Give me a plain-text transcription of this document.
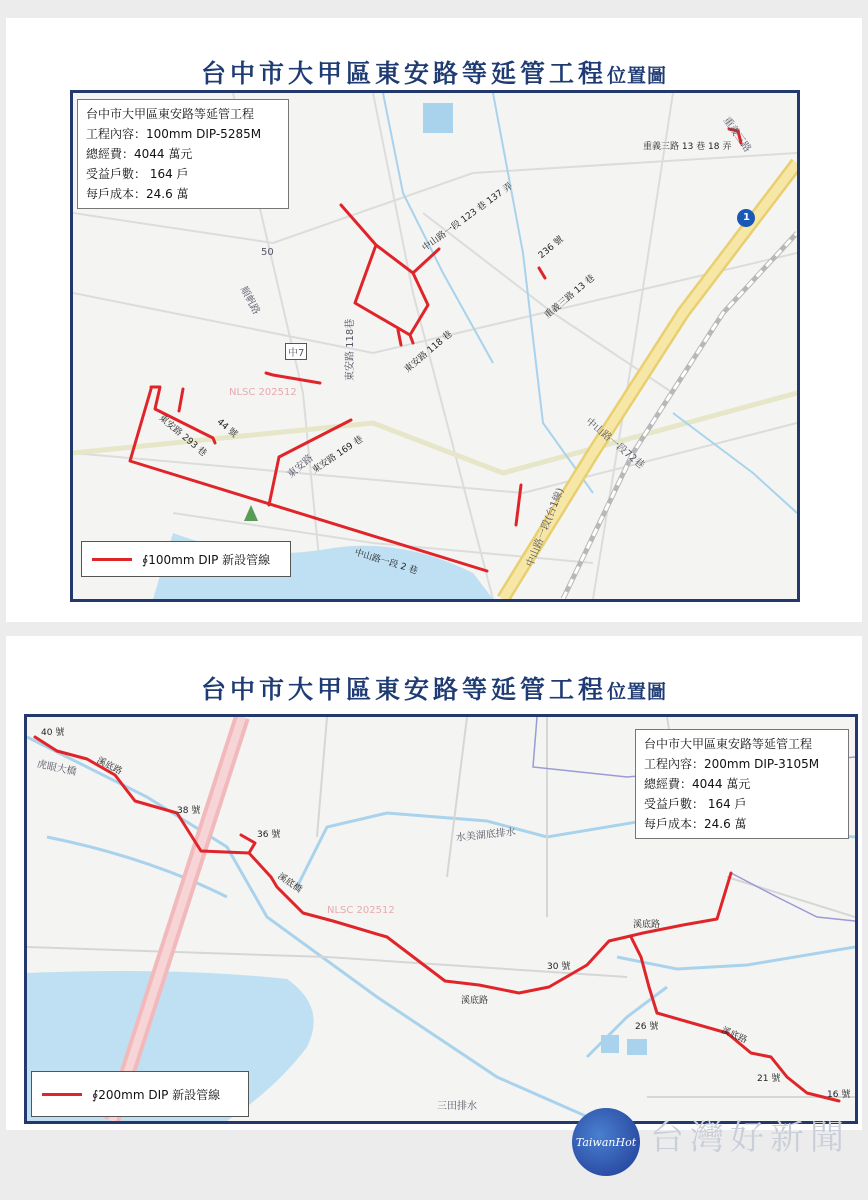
台中市大甲區東安路等延管工程位置圖
台中市大甲區東安路等延管工程
工程內容：100mm DIP-5285M
總經費：4044 萬元
受益戶數： 164 戶
每戶成本：24.6 萬
重義三路 13 巷 18 弄
中山路一段 123 巷 137 弄 236 號
重義三路 13 巷
東安路 118 巷
東安路 293 巷 44 號
東安路 169 巷
中山路一段 2 巷
重義三路
中山路一段(台1線)
中山路一段72巷
中7
NLSC 202512
東安路
順帆路
50
1
東安路 118巷
∮100mm DIP 新設管線
台中市大甲區東安路等延管工程位置圖
台中市大甲區東安路等延管工程
工程內容：200mm DIP-3105M
總經費：4044 萬元
受益戶數： 164 戶
每戶成本：24.6 萬
40 號
溪底路
38 號
36 號
溪底橋
30 號
溪底路
溪底路
26 號	溪底路
21 號
16 號
水美湖底排水
三田排水
NLSC 202512
虎眼大橋
∮200mm DIP 新設管線
TaiwanHot 台灣好新聞
